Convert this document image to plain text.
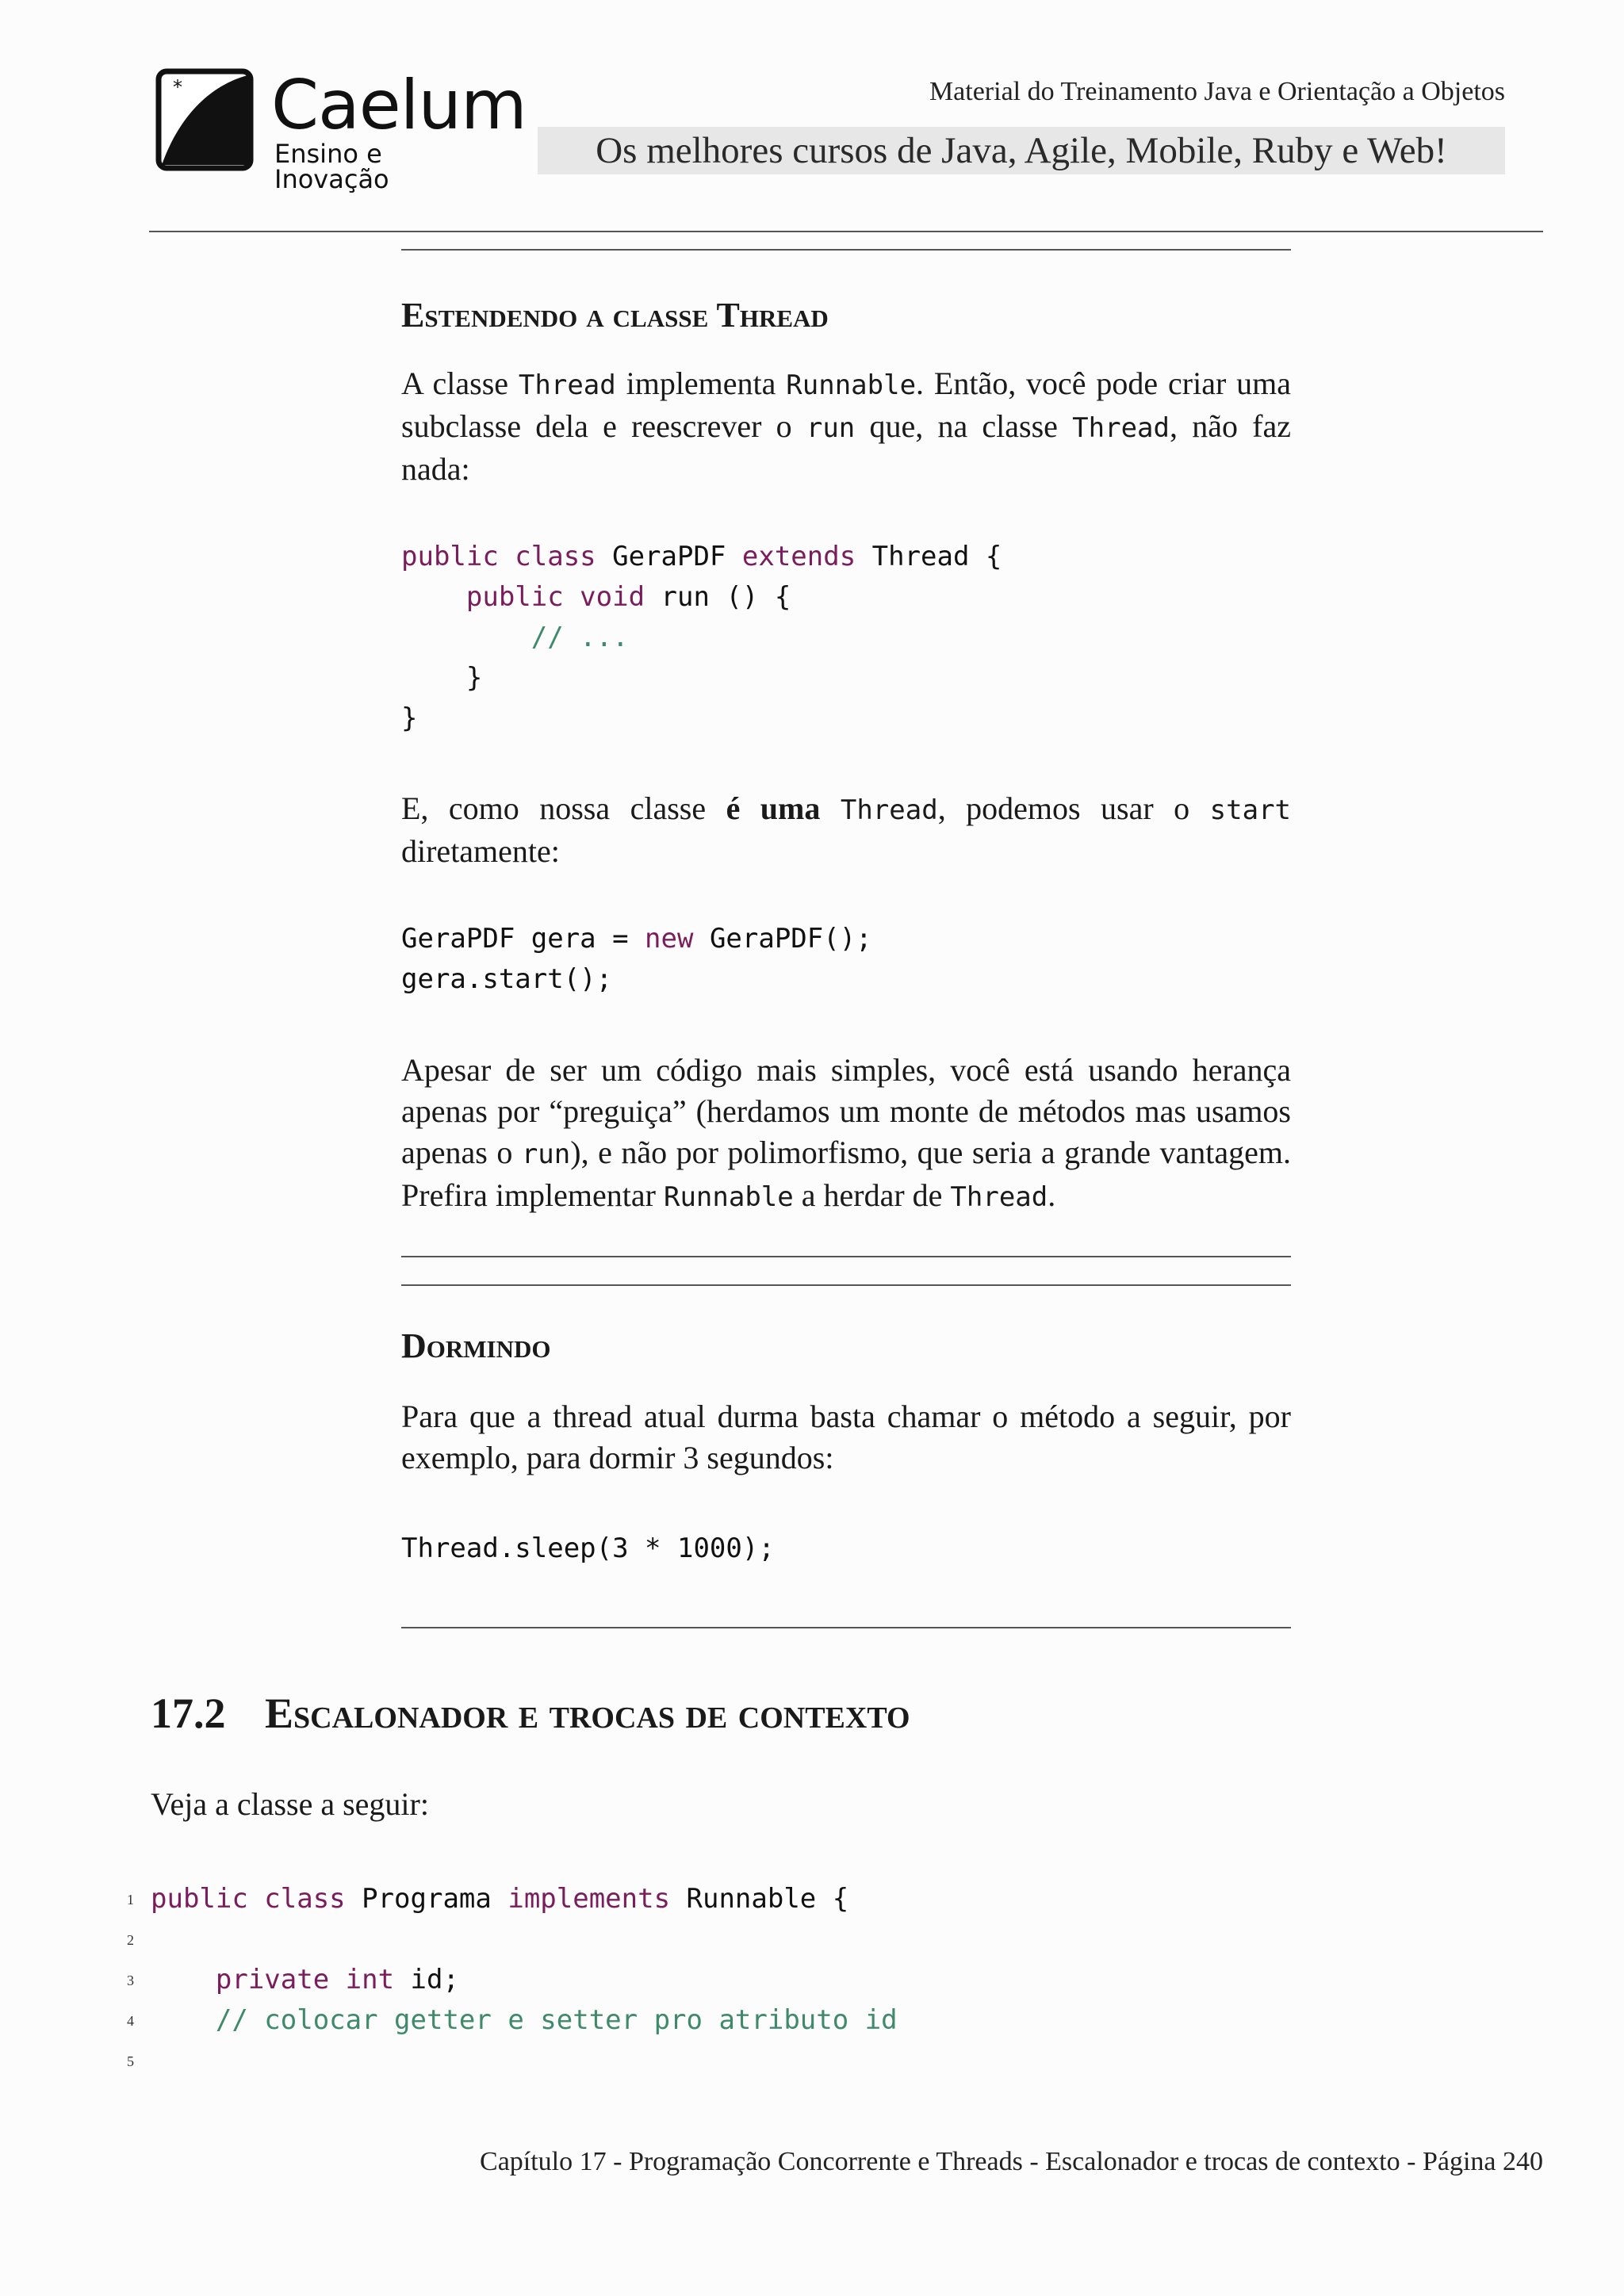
* Caelum
Ensino e Inovação
Material do Treinamento Java e Orientação a Objetos
Os melhores cursos de Java, Agile, Mobile, Ruby e Web!
Estendendo a classe Thread
A classe Thread implementa Runnable. Então, você pode criar uma subclasse dela e reescrever o run que, na classe Thread, não faz nada:
public class GeraPDF extends Thread {
public void run () {
// ...
}
}
E, como nossa classe é uma Thread, podemos usar o start diretamente:
GeraPDF gera = new GeraPDF();
gera.start();
Apesar de ser um código mais simples, você está usando herança apenas por “preguiça” (herdamos um monte de métodos mas usamos apenas o run), e não por polimorfismo, que seria a grande vantagem. Prefira implementar Runnable a herdar de Thread.
Dormindo
Para que a thread atual durma basta chamar o método a seguir, por exemplo, para dormir 3 segundos:
Thread.sleep(3 * 1000);
17.2 Escalonador e trocas de contexto
Veja a classe a seguir:
1
2
3
4
5
public class Programa implements Runnable {

private int id;
// colocar getter e setter pro atributo id

Capítulo 17 - Programação Concorrente e Threads - Escalonador e trocas de contexto - Página 240
